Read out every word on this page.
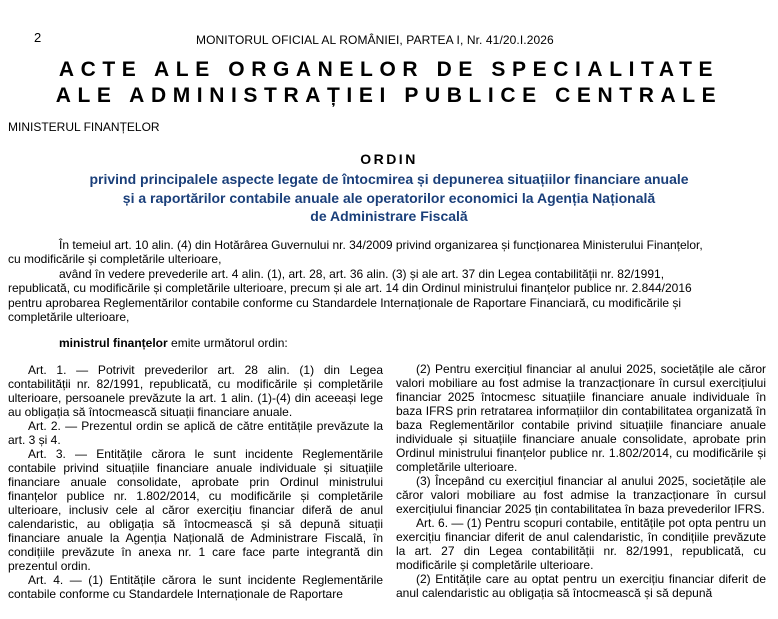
2	MONITORUL OFICIAL AL ROMÂNIEI, PARTEA I, Nr. 41/20.I.2026
ACTE ALE ORGANELOR DE SPECIALITATE
ALE ADMINISTRAȚIEI PUBLICE CENTRALE
MINISTERUL FINANȚELOR
ORDIN
privind principalele aspecte legate de întocmirea și depunerea situațiilor financiare anuale
și a raportărilor contabile anuale ale operatorilor economici la Agenția Națională
de Administrare Fiscală
În temeiul art. 10 alin. (4) din Hotărârea Guvernului nr. 34/2009 privind organizarea și funcționarea Ministerului Finanțelor,
cu modificările și completările ulterioare,
având în vedere prevederile art. 4 alin. (1), art. 28, art. 36 alin. (3) și ale art. 37 din Legea contabilității nr. 82/1991,
republicată, cu modificările și completările ulterioare, precum și ale art. 14 din Ordinul ministrului finanțelor publice nr. 2.844/2016
pentru aprobarea Reglementărilor contabile conforme cu Standardele Internaționale de Raportare Financiară, cu modificările și
completările ulterioare,
ministrul finanțelor emite următorul ordin:

Art. 1. — Potrivit prevederilor art. 28 alin. (1) din Legea contabilității nr. 82/1991, republicată, cu modificările și completările ulterioare, persoanele prevăzute la art. 1 alin. (1)-(4) din aceeași lege au obligația să întocmească situații financiare anuale.

Art. 2. — Prezentul ordin se aplică de către entitățile prevăzute la art. 3 și 4.

Art. 3. — Entitățile cărora le sunt incidente Reglementările contabile privind situațiile financiare anuale individuale și situațiile financiare anuale consolidate, aprobate prin Ordinul ministrului finanțelor publice nr. 1.802/2014, cu modificările și completările ulterioare, inclusiv cele al căror exercițiu financiar diferă de anul calendaristic, au obligația să întocmească și să depună situații financiare anuale la Agenția Națională de Administrare Fiscală, în condițiile prevăzute în anexa nr. 1 care face parte integrantă din prezentul ordin.

Art. 4. — (1) Entitățile cărora le sunt incidente Reglementările contabile conforme cu Standardele Internaționale de Raportare

(2) Pentru exercițiul financiar al anului 2025, societățile ale căror valori mobiliare au fost admise la tranzacționare în cursul exercițiului financiar 2025 întocmesc situațiile financiare anuale individuale în baza IFRS prin retratarea informațiilor din contabilitatea organizată în baza Reglementărilor contabile privind situațiile financiare anuale individuale și situațiile financiare anuale consolidate, aprobate prin Ordinul ministrului finanțelor publice nr. 1.802/2014, cu modificările și completările ulterioare.

(3) Începând cu exercițiul financiar al anului 2025, societățile ale căror valori mobiliare au fost admise la tranzacționare în cursul exercițiului financiar 2025 țin contabilitatea în baza prevederilor IFRS.

Art. 6. — (1) Pentru scopuri contabile, entitățile pot opta pentru un exercițiu financiar diferit de anul calendaristic, în condițiile prevăzute la art. 27 din Legea contabilității nr. 82/1991, republicată, cu modificările și completările ulterioare.

(2) Entitățile care au optat pentru un exercițiu financiar diferit de anul calendaristic au obligația să întocmească și să depună
